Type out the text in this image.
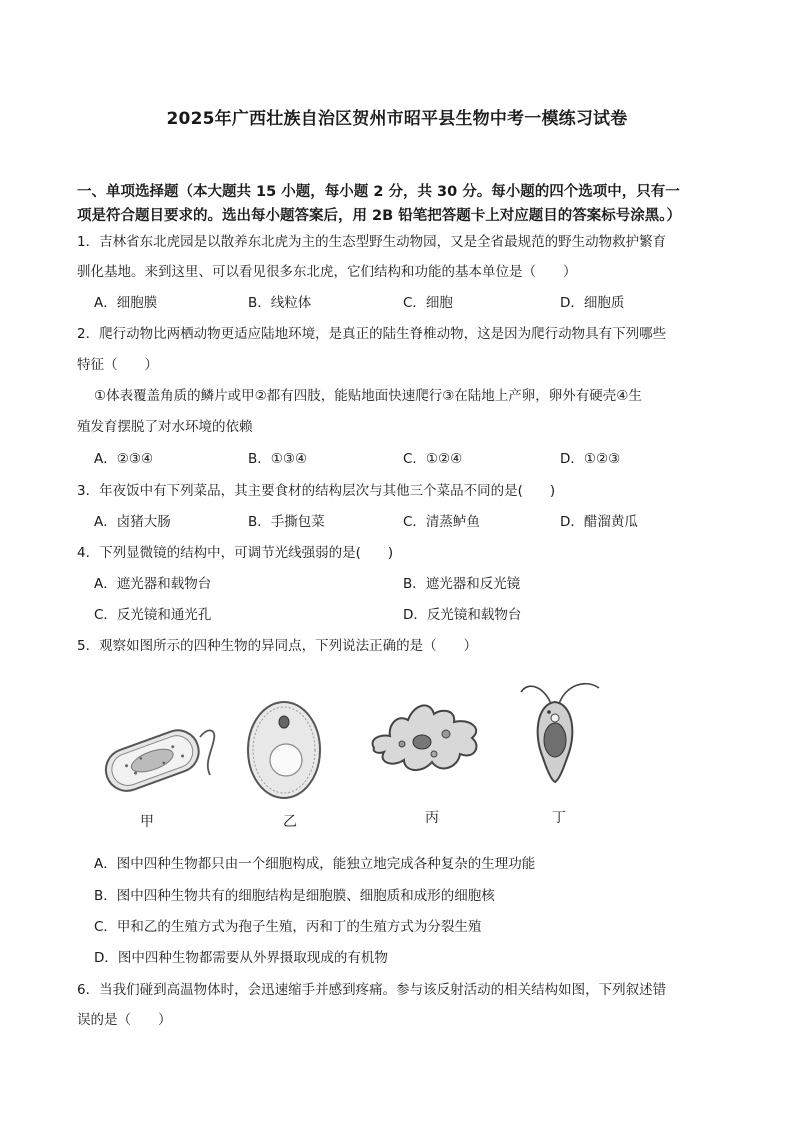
2025年广西壮族自治区贺州市昭平县生物中考一模练习试卷
一、单项选择题（本大题共 15 小题，每小题 2 分，共 30 分。每小题的四个选项中，只有一
项是符合题目要求的。选出每小题答案后，用 2B 铅笔把答题卡上对应题目的答案标号涂黑。）
1．吉林省东北虎园是以散养东北虎为主的生态型野生动物园，又是全省最规范的野生动物救护繁育
驯化基地。来到这里、可以看见很多东北虎，它们结构和功能的基本单位是（　　）
A．细胞膜	B．线粒体	C．细胞	D．细胞质
2．爬行动物比两栖动物更适应陆地环境，是真正的陆生脊椎动物，这是因为爬行动物具有下列哪些
特征（　　）
①体表覆盖角质的鳞片或甲②都有四肢，能贴地面快速爬行③在陆地上产卵，卵外有硬壳④生
殖发育摆脱了对水环境的依赖
A．②③④	B．①③④	C．①②④	D．①②③
3．年夜饭中有下列菜品，其主要食材的结构层次与其他三个菜品不同的是(　　)
A．卤猪大肠	B．手撕包菜	C．清蒸鲈鱼	D．醋溜黄瓜
4．下列显微镜的结构中，可调节光线强弱的是(　　)
A．遮光器和载物台	B．遮光器和反光镜
C．反光镜和通光孔	D．反光镜和载物台
5．观察如图所示的四种生物的异同点，下列说法正确的是（　　）
甲	乙	丙	丁
A．图中四种生物都只由一个细胞构成，能独立地完成各种复杂的生理功能
B．图中四种生物共有的细胞结构是细胞膜、细胞质和成形的细胞核
C．甲和乙的生殖方式为孢子生殖，丙和丁的生殖方式为分裂生殖
D．图中四种生物都需要从外界摄取现成的有机物
6．当我们碰到高温物体时，会迅速缩手并感到疼痛。参与该反射活动的相关结构如图，下列叙述错
误的是（　　）
